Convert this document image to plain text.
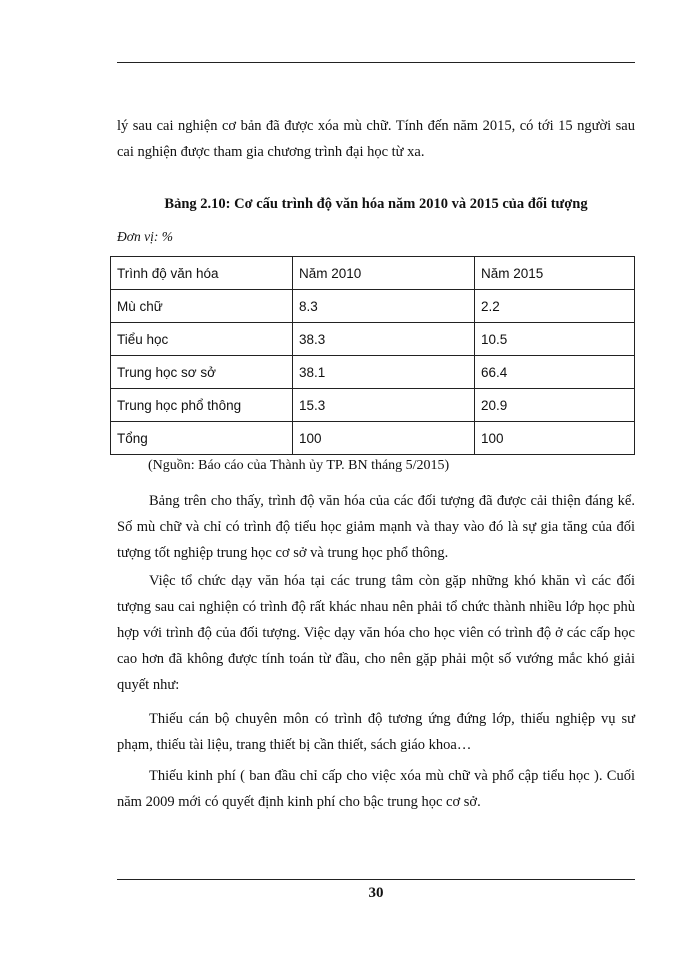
lý sau cai nghiện cơ bản đã được xóa mù chữ. Tính đến năm 2015, có tới 15 người sau cai nghiện được tham gia chương trình đại học từ xa.

Bảng 2.10: Cơ cấu trình độ văn hóa năm 2010 và 2015 của đối tượng
Đơn vị: %
Trình độ văn hóa	Năm 2010	Năm 2015
Mù chữ	8.3	2.2
Tiểu học	38.3	10.5
Trung học sơ sở	38.1	66.4
Trung học phổ thông	15.3	20.9
Tổng	100	100
(Nguồn: Báo cáo của Thành ủy TP. BN tháng 5/2015)

Bảng trên cho thấy, trình độ văn hóa của các đối tượng đã được cải thiện đáng kể. Số mù chữ và chỉ có trình độ tiểu học giảm mạnh và thay vào đó là sự gia tăng của đối tượng tốt nghiệp trung học cơ sở và trung học phổ thông.

Việc tổ chức dạy văn hóa tại các trung tâm còn gặp những khó khăn vì các đối tượng sau cai nghiện có trình độ rất khác nhau nên phải tổ chức thành nhiều lớp học phù hợp với trình độ của đối tượng. Việc dạy văn hóa cho học viên có trình độ ở các cấp học cao hơn đã không được tính toán từ đầu, cho nên gặp phải một số vướng mắc khó giải quyết như:

Thiếu cán bộ chuyên môn có trình độ tương ứng đứng lớp, thiếu nghiệp vụ sư phạm, thiếu tài liệu, trang thiết bị cần thiết, sách giáo khoa…

Thiếu kinh phí ( ban đầu chỉ cấp cho việc xóa mù chữ và phổ cập tiểu học ). Cuối năm 2009 mới có quyết định kinh phí cho bậc trung học cơ sở.

30
